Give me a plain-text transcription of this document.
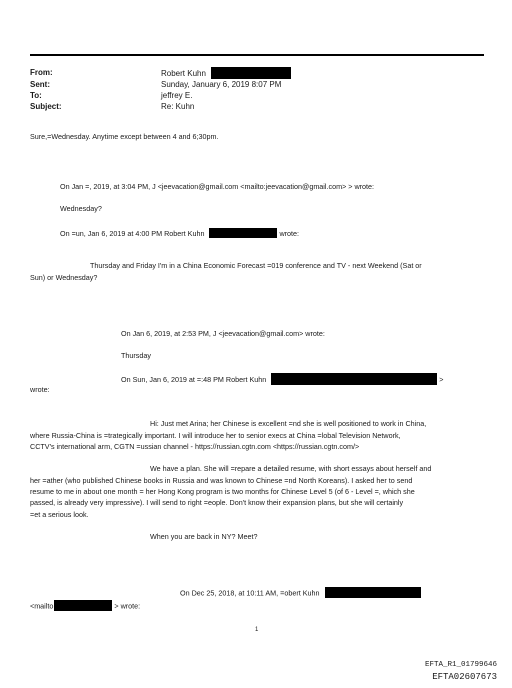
From:	Robert Kuhn
Sent:	Sunday, January 6, 2019 8:07 PM
To:	jeffrey E.
Subject:	Re: Kuhn
Sure,=Wednesday. Anytime except between 4 and 6;30pm.
On Jan =, 2019, at 3:04 PM, J <jeevacation@gmail.com <mailto:jeevacation@gmail.com> > wrote:
Wednesday?
On =un, Jan 6, 2019 at 4:00 PM Robert Kuhn	wrote:
Thursday and Friday I'm in a China Economic Forecast =019 conference and TV - next Weekend (Sat or
Sun) or Wednesday?
On Jan 6, 2019, at 2:53 PM, J <jeevacation@gmail.com> wrote:
Thursday
On Sun, Jan 6, 2019 at =:48 PM Robert Kuhn	>
wrote:
Hi: Just met Arina; her Chinese is excellent =nd she is well positioned to work in China,
where Russia-China is =trategically important. I will introduce her to senior execs at China =lobal Television Network,
CCTV's international arm, CGTN =ussian channel - https://russian.cgtn.com <https://russian.cgtn.com/>
We have a plan. She will =repare a detailed resume, with short essays about herself and
her =ather (who published Chinese books in Russia and was known to Chinese =nd North Koreans). I asked her to send
resume to me in about one month = her Hong Kong program is two months for Chinese Level 5 (of 6 - Level =, which she
passed, is already very impressive). I will send to right =eople. Don't know their expansion plans, but she will certainly
=et a serious look.
When you are back in NY? Meet?
On Dec 25, 2018, at 10:11 AM, =obert Kuhn
<mailto	> wrote:
1
EFTA_R1_01799646
EFTA02607673
